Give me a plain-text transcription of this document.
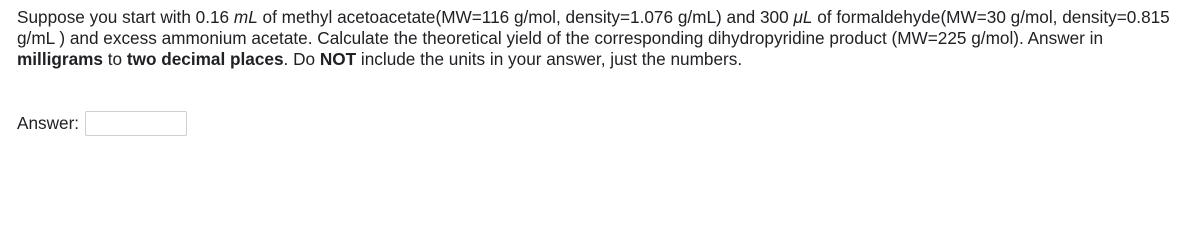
Suppose you start with 0.16 mL of methyl acetoacetate(MW=116 g/mol, density=1.076 g/mL) and 300 μL of formaldehyde(MW=30 g/mol, density=0.815 g/mL ) and excess ammonium acetate. Calculate the theoretical yield of the corresponding dihydropyridine product (MW=225 g/mol). Answer in milligrams to two decimal places. Do NOT include the units in your answer, just the numbers.

Answer:
